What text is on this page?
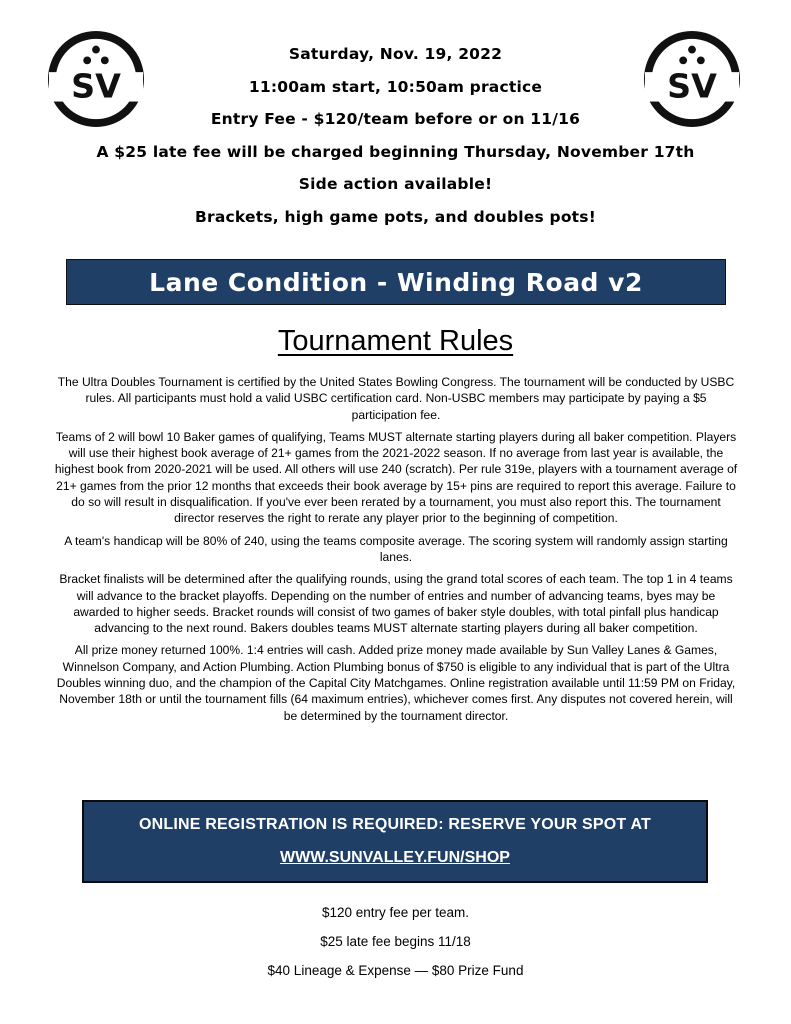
SV	SV
Saturday, Nov. 19, 2022
11:00am start, 10:50am practice
Entry Fee - $120/team before or on 11/16
A $25 late fee will be charged beginning Thursday, November 17th
Side action available!
Brackets, high game pots, and doubles pots!
Lane Condition - Winding Road v2
Tournament Rules

The Ultra Doubles Tournament is certified by the United States Bowling Congress. The tournament will be conducted by USBC rules. All participants must hold a valid USBC certification card. Non-USBC members may participate by paying a $5 participation fee.

Teams of 2 will bowl 10 Baker games of qualifying, Teams MUST alternate starting players during all baker competition. Players will use their highest book average of 21+ games from the 2021-2022 season. If no average from last year is available, the highest book from 2020-2021 will be used. All others will use 240 (scratch). Per rule 319e, players with a tournament average of 21+ games from the prior 12 months that exceeds their book average by 15+ pins are required to report this average. Failure to do so will result in disqualification. If you've ever been rerated by a tournament, you must also report this. The tournament director reserves the right to rerate any player prior to the beginning of competition.

A team's handicap will be 80% of 240, using the teams composite average. The scoring system will randomly assign starting lanes.

Bracket finalists will be determined after the qualifying rounds, using the grand total scores of each team. The top 1 in 4 teams will advance to the bracket playoffs. Depending on the number of entries and number of advancing teams, byes may be awarded to higher seeds. Bracket rounds will consist of two games of baker style doubles, with total pinfall plus handicap advancing to the next round. Bakers doubles teams MUST alternate starting players during all baker competition.

All prize money returned 100%. 1:4 entries will cash. Added prize money made available by Sun Valley Lanes & Games, Winnelson Company, and Action Plumbing. Action Plumbing bonus of $750 is eligible to any individual that is part of the Ultra Doubles winning duo, and the champion of the Capital City Matchgames. Online registration available until 11:59 PM on Friday, November 18th or until the tournament fills (64 maximum entries), whichever comes first. Any disputes not covered herein, will be determined by the tournament director.

ONLINE REGISTRATION IS REQUIRED: RESERVE YOUR SPOT AT
WWW.SUNVALLEY.FUN/SHOP
$120 entry fee per team.
$25 late fee begins 11/18
$40 Lineage & Expense — $80 Prize Fund
